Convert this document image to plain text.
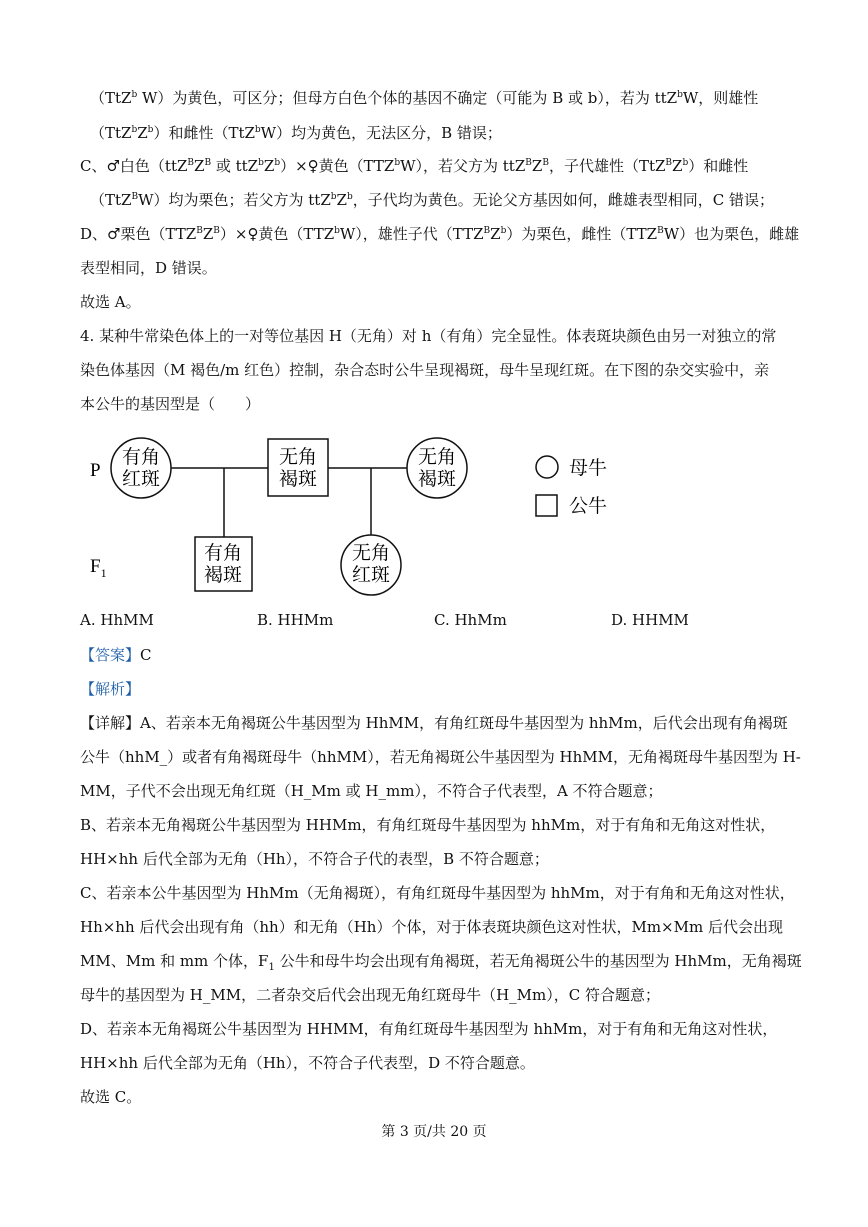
（TtZ$^b$ W）为黄色，可区分；但母方白色个体的基因不确定（可能为 B 或 b），若为 ttZ$^b$W，则雄性
$(TtZ^bZ^b)$和雌性（TtZ$^b$W）均为黄色，无法区分，B 错误；
C、♂白色（$ttZ^BZ^B$ 或 $ttZ^bZ^b)\times♀$黄色（TTZ$^b$W），若父方为 $ttZ^BZ^B$，子代雄性$(TtZ^BZ^b)$和雌性
（TtZ$^B$W）均为栗色；若父方为 $ttZ^bZ^b$，子代均为黄色。无论父方基因如何，雌雄表型相同，C 错误；
D、♂栗色$(TTZ^BZ^B)\times♀$黄色（TTZ$^b$W），雄性子代$(TTZ^BZ^b)$为栗色，雌性$(TTZ^BW)$也为栗色，雌雄
表型相同，D 错误。
故选 A。
4. 某种牛常染色体上的一对等位基因 H（无角）对 h（有角）完全显性。体表斑块颜色由另一对独立的常
染色体基因（M 褐色/m 红色）控制，杂合态时公牛呈现褐斑，母牛呈现红斑。在下图的杂交实验中，亲
本公牛的基因型是（　　）
P
$F_1$
有角
红斑
无角
褐斑
无角
褐斑
有角
褐斑
无角
红斑
母牛
公牛
A. HhMM	B. HHMm	C. HhMm	D. HHMM
【答案】C
【解析】
【详解】A、若亲本无角褐斑公牛基因型为 HhMM，有角红斑母牛基因型为 hhMm，后代会出现有角褐斑
公牛（hhM_）或者有角褐斑母牛（hhMM），若无角褐斑公牛基因型为 HhMM，无角褐斑母牛基因型为 H-
MM，子代不会出现无角红斑（H_Mm 或 H_mm），不符合子代表型，A 不符合题意；
B、若亲本无角褐斑公牛基因型为 HHMm，有角红斑母牛基因型为 hhMm，对于有角和无角这对性状，
HH×hh 后代全部为无角（Hh），不符合子代的表型，B 不符合题意；
C、若亲本公牛基因型为 HhMm（无角褐斑），有角红斑母牛基因型为 hhMm，对于有角和无角这对性状，
Hh×hh 后代会出现有角（hh）和无角（Hh）个体，对于体表斑块颜色这对性状，Mm×Mm 后代会出现
MM、Mm 和 mm 个体，$F_1$ 公牛和母牛均会出现有角褐斑，若无角褐斑公牛的基因型为 HhMm，无角褐斑
母牛的基因型为 H_MM，二者杂交后代会出现无角红斑母牛（H_Mm），C 符合题意；
D、若亲本无角褐斑公牛基因型为 HHMM，有角红斑母牛基因型为 hhMm，对于有角和无角这对性状，
HH×hh 后代全部为无角（Hh），不符合子代表型，D 不符合题意。
故选 C。
第 3 页/共 20 页
